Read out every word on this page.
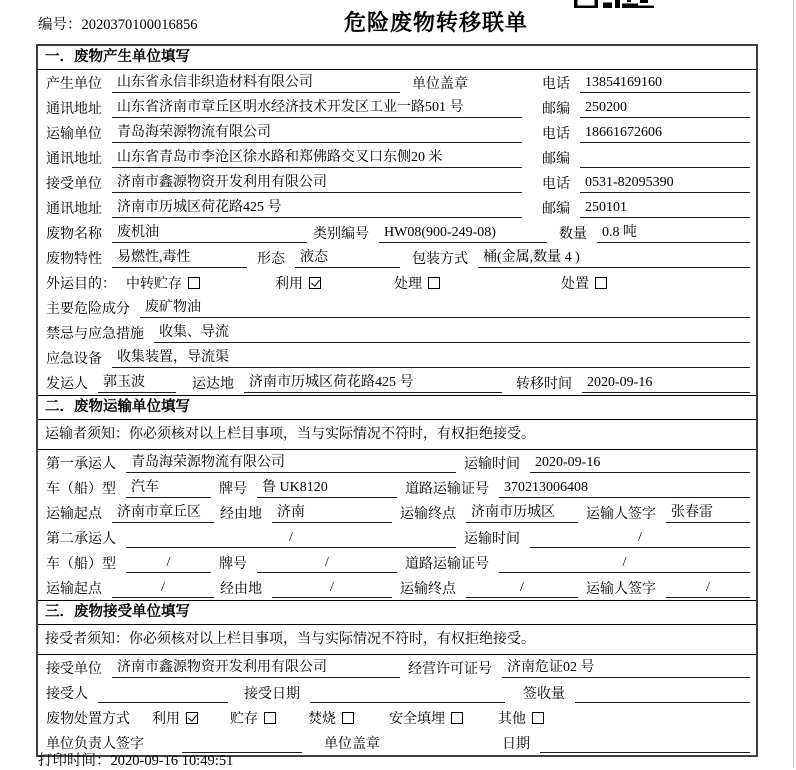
编号：2020370100016856	危险废物转移联单
一．废物产生单位填写
产生单位	山东省永信非织造材料有限公司	单位盖章	电话	13854169160
通讯地址	山东省济南市章丘区明水经济技术开发区工业一路501 号	邮编	250200
运输单位	青岛海荣源物流有限公司	电话	18661672606
通讯地址	山东省青岛市李沧区徐水路和郑佛路交叉口东侧20 米	邮编
接受单位	济南市鑫源物资开发利用有限公司	电话	0531-82095390
通讯地址	济南市历城区荷花路425 号	邮编	250101
废物名称	废机油	类别编号	HW08(900-249-08)	数量	0.8 吨
废物特性	易燃性,毒性	形态	液态	包装方式	桶(金属,数量 4 )
外运目的： 中转贮存	利用	处理	处置
主要危险成分	废矿物油
禁忌与应急措施	收集、导流
应急设备	收集装置，导流渠
发运人	郭玉波	运达地	济南市历城区荷花路425 号	转移时间	2020-09-16
二．废物运输单位填写
运输者须知：你必须核对以上栏目事项，当与实际情况不符时，有权拒绝接受。
第一承运人	青岛海荣源物流有限公司	运输时间	2020-09-16
车（船）型	汽车	牌号	鲁 UK8120	道路运输证号	370213006408
运输起点	济南市章丘区	经由地	济南	运输终点	济南市历城区	运输人签字	张春雷
第二承运人	/	运输时间	/
车（船）型	/	牌号	/	道路运输证号	/
运输起点	/	经由地	/	运输终点	/	运输人签字	/
三．废物接受单位填写
接受者须知：你必须核对以上栏目事项，当与实际情况不符时，有权拒绝接受。
接受单位	济南市鑫源物资开发利用有限公司	经营许可证号	济南危证02 号
接受人	接受日期	签收量
废物处置方式 利用	贮存	焚烧	安全填埋	其他
单位负责人签字	单位盖章	日期
打印时间：2020-09-16 10:49:51
